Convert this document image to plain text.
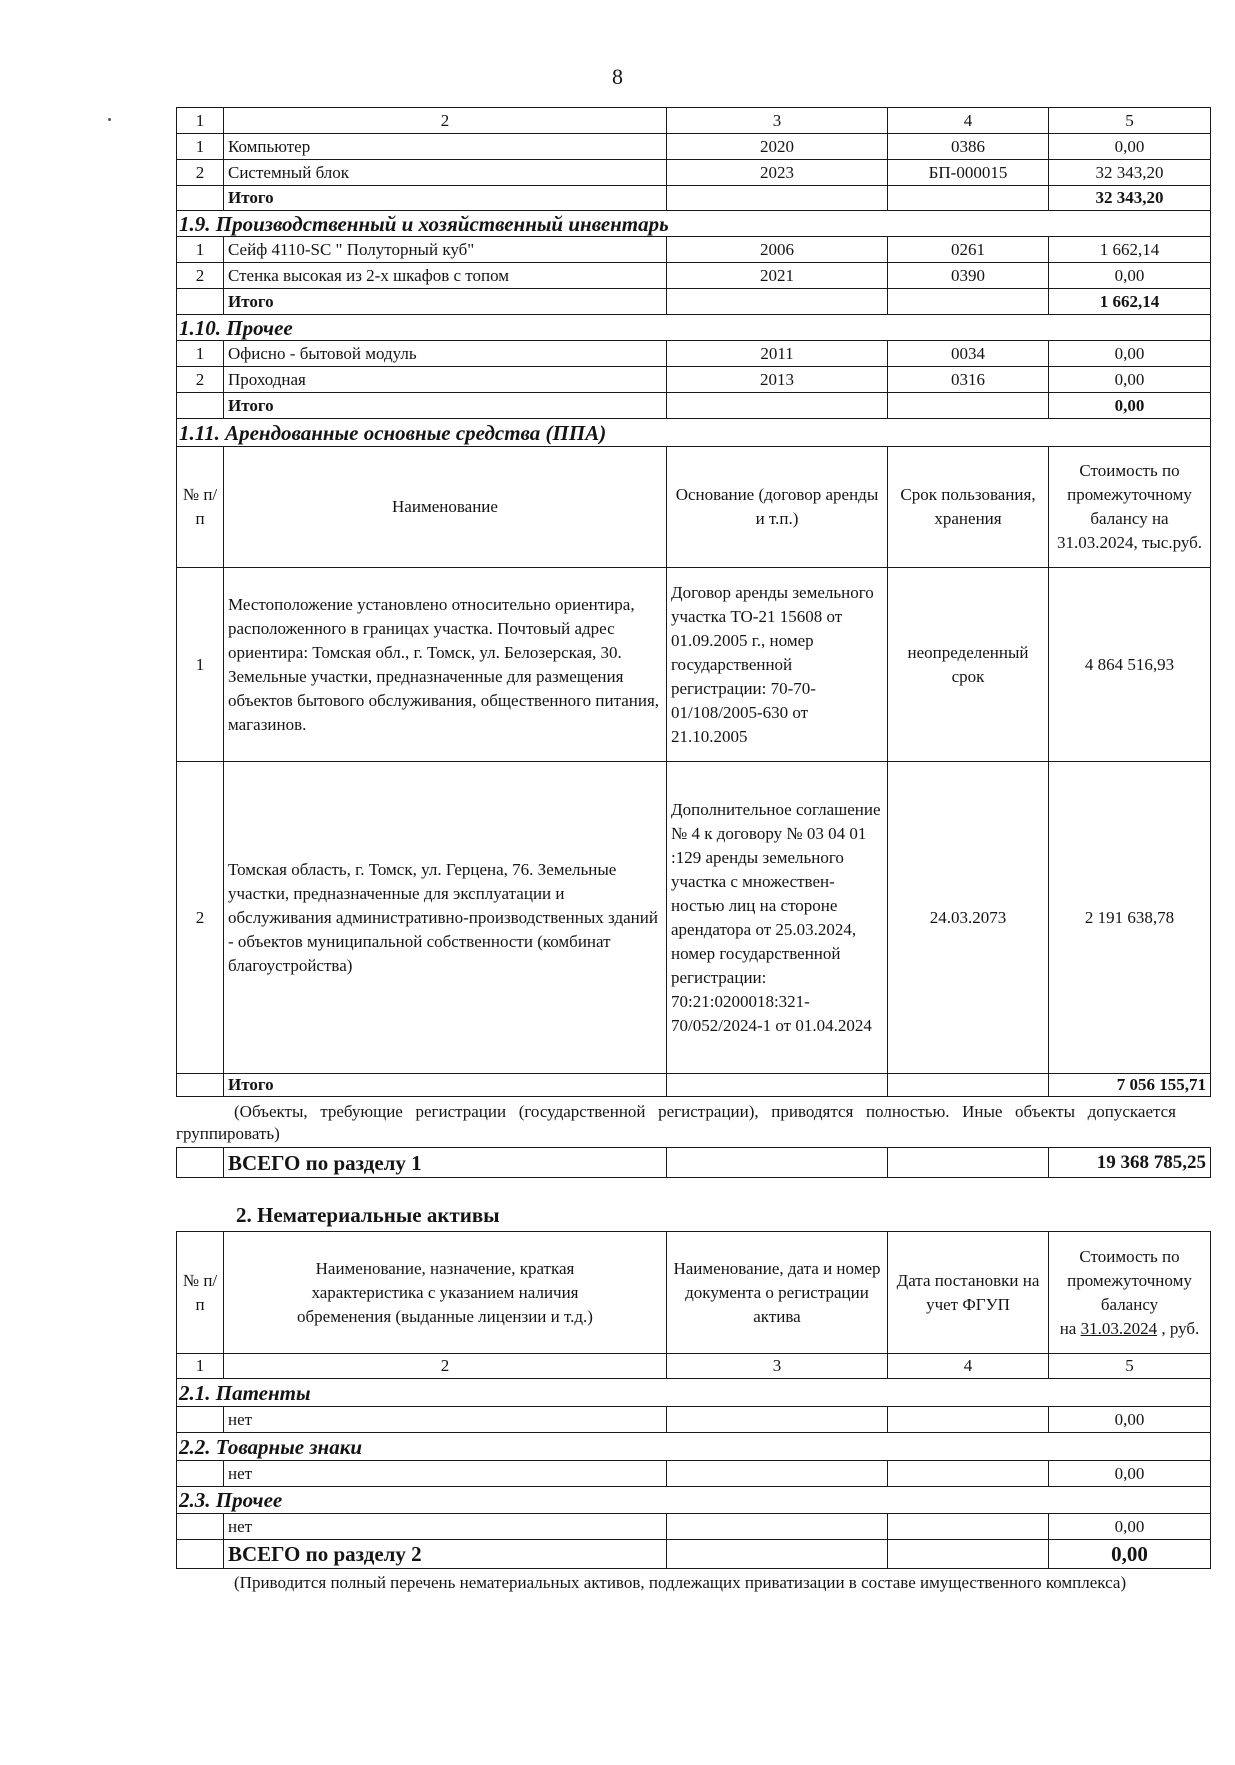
8
1	2	3	4	5
1	Компьютер	2020	0386	0,00
2	Системный блок	2023	БП-000015	32 343,20
	Итого			32 343,20
1.9. Производственный и хозяйственный инвентарь				
1	Сейф 4110-SC " Полуторный куб"	2006	0261	1 662,14
2	Стенка высокая из 2-х шкафов с топом	2021	0390	0,00
	Итого			1 662,14
1.10. Прочее				
1	Офисно - бытовой модуль	2011	0034	0,00
2	Проходная	2013	0316	0,00
	Итого			0,00
1.11. Арендованные основные средства (ППА)				
№ п/п	Наименование	Основание (договор аренды и т.п.)	Срок пользования, хранения	Стоимость по промежуточному балансу на 31.03.2024, тыс.руб.
1	Местоположение установлено относительно ориентира, расположенного в границах участка. Почтовый адрес ориентира: Томская обл., г. Томск, ул. Белозерская, 30. Земельные участки, предназначенные для размещения объектов бытового обслуживания, общественного питания, магазинов.	Договор аренды земельного участка ТО-21 15608 от 01.09.2005 г., номер государственной регистрации: 70-70-01/108/2005-630 от 21.10.2005	неопределенный срок	4 864 516,93
2	Томская область, г. Томск, ул. Герцена, 76. Земельные участки, предназначенные для эксплуатации и обслуживания административно-производственных зданий - объектов муниципальной собственности (комбинат благоустройства)	Дополнительное соглашение № 4 к договору № 03 04 01 :129 аренды земельного участка с множествен-ностью лиц на стороне арендатора от 25.03.2024, номер государственной регистрации: 70:21:0200018:321-70/052/2024-1 от 01.04.2024	24.03.2073	2 191 638,78
	Итого			7 056 155,71
(Объекты, требующие регистрации (государственной регистрации), приводятся полностью. Иные объекты допускается группировать)
	ВСЕГО по разделу 1			19 368 785,25
2. Нематериальные активы
№ п/п	Наименование, назначение, краткая характеристика с указанием наличия обременения (выданные лицензии и т.д.)	Наименование, дата и номер документа о регистрации актива	Дата постановки на учет ФГУП	Стоимость по промежуточному балансу
на 31.03.2024 , руб.
1	2	3	4	5
2.1. Патенты				
	нет			0,00
2.2. Товарные знаки				
	нет			0,00
2.3. Прочее				
	нет			0,00
	ВСЕГО по разделу 2			0,00
(Приводится полный перечень нематериальных активов, подлежащих приватизации в составе имущественного комплекса)
